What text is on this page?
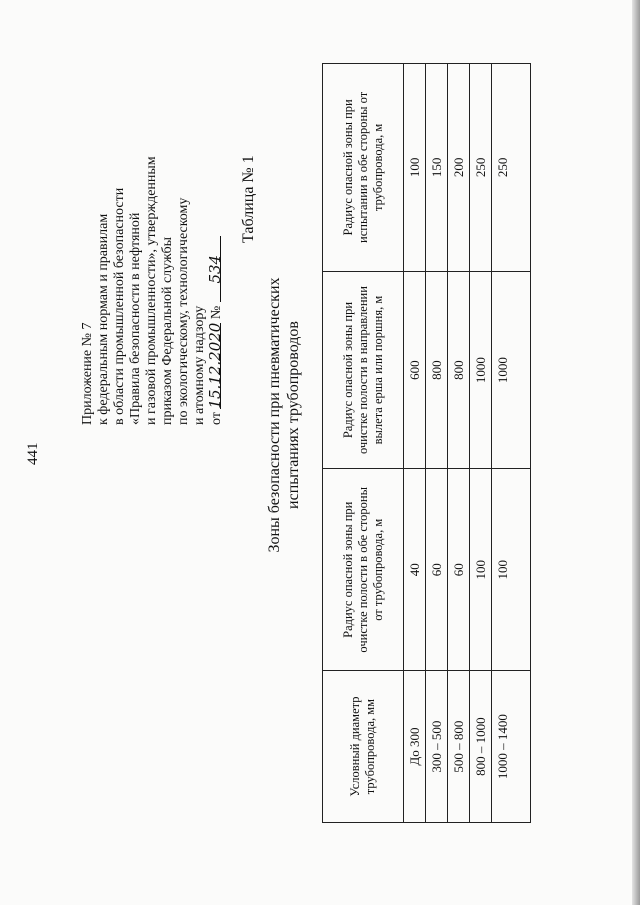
441
Приложение № 7 к федеральным нормам и правилам в области промышленной безопасности «Правила безопасности в нефтяной и газовой промышленности», утвержденным приказом Федеральной службы по экологическому, технологическому и атомному надзору от 15.12.2020 № 534
Таблица № 1
Зоны безопасности при пневматических испытаниях трубопроводов
Условный диаметр трубопровода, мм	Радиус опасной зоны при очистке полости в обе стороны от трубопровода, м	Радиус опасной зоны при очистке полости в направлении вылета ерша или поршня, м	Радиус опасной зоны при испытании в обе стороны от трубопровода, м
До 300	40	600	100
300 – 500	60	800	150
500 – 800	60	800	200
800 – 1000	100	1000	250
1000 – 1400	100	1000	250
